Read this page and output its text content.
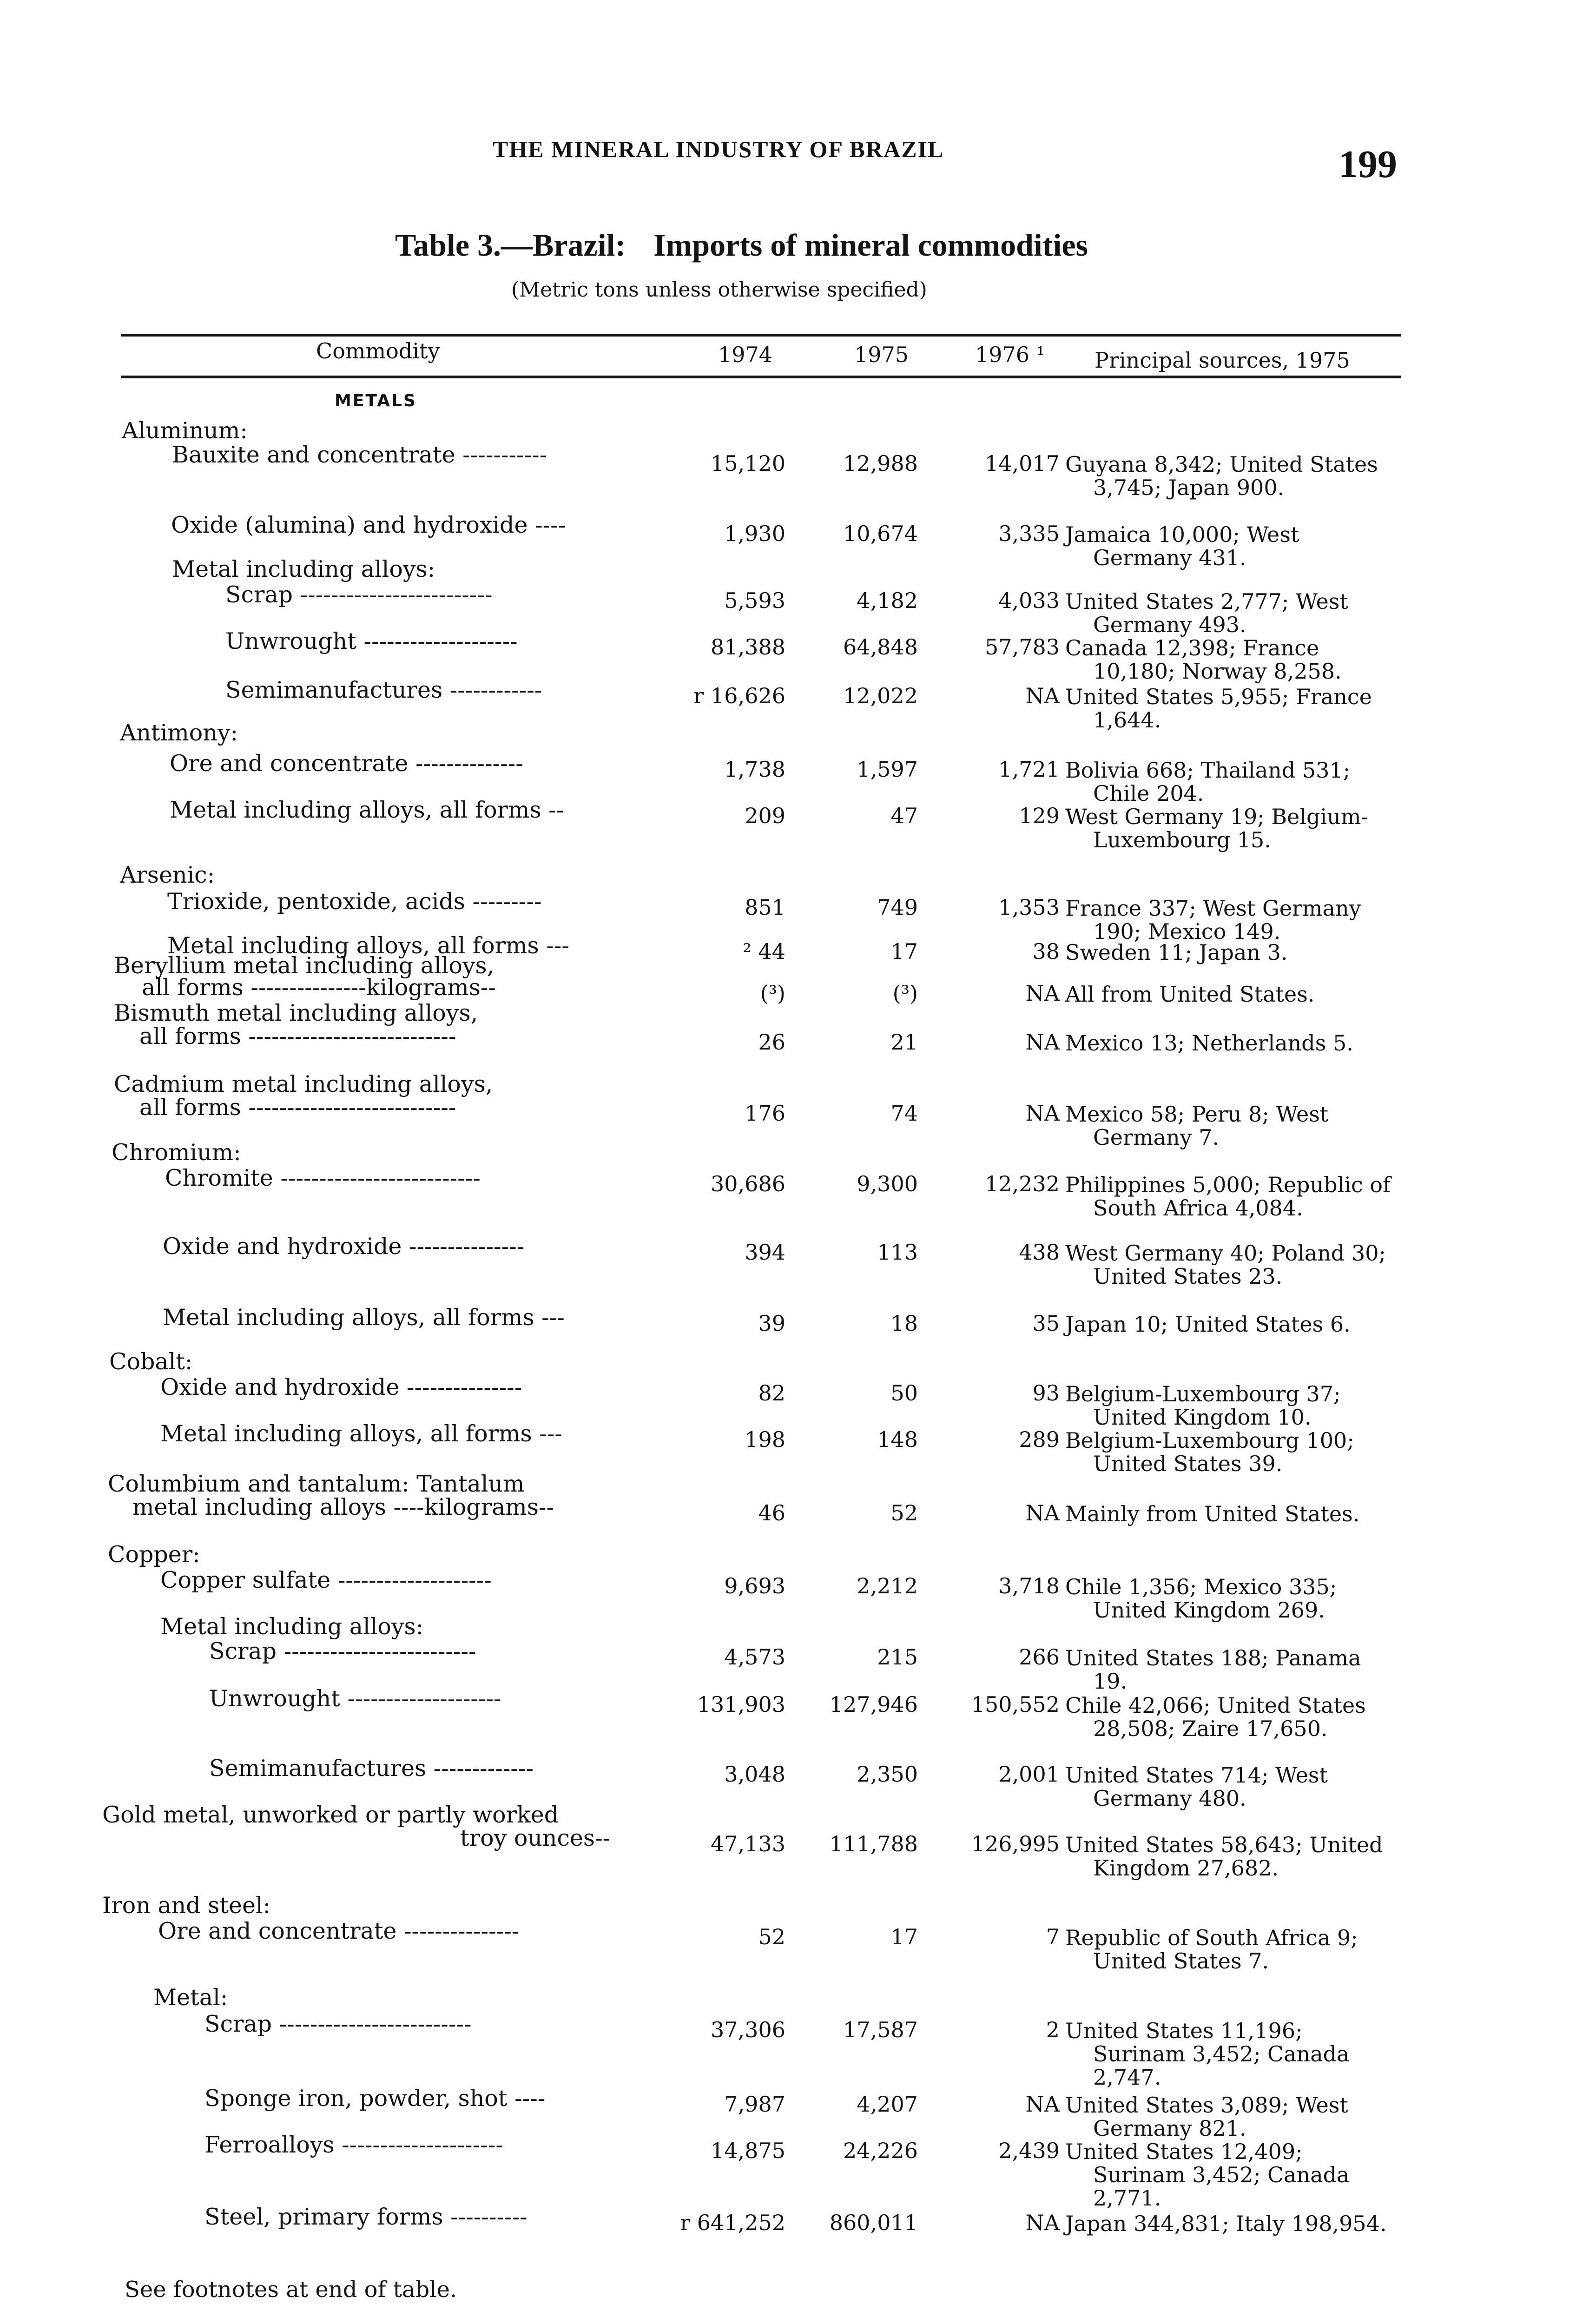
THE MINERAL INDUSTRY OF BRAZIL	199
Table 3.—Brazil: Imports of mineral commodities
(Metric tons unless otherwise specified)
Commodity	1974	1975	1976 ¹ Principal sources, 1975
METALS
Aluminum:
Bauxite and concentrate -----------	15,120	12,988	14,017 Guyana 8,342; United States 3,745; Japan 900.
Oxide (alumina) and hydroxide ----	1,930	10,674	3,335 Jamaica 10,000; West Germany 431.
Metal including alloys:
Scrap -------------------------	5,593	4,182	4,033 United States 2,777; West Germany 493.
Unwrought --------------------	81,388	64,848	57,783 Canada 12,398; France 10,180; Norway 8,258.
Semimanufactures ------------	r 16,626	12,022	NA United States 5,955; France 1,644.
Antimony:
Ore and concentrate --------------	1,738	1,597	1,721 Bolivia 668; Thailand 531; Chile 204.
Metal including alloys, all forms --	209	47	129 West Germany 19; Belgium-Luxembourg 15.
Arsenic:
Trioxide, pentoxide, acids ---------	851	749	1,353 France 337; West Germany 190; Mexico 149.
Metal including alloys, all forms ---	² 44	17	38 Sweden 11; Japan 3.
Beryllium metal including alloys,
all forms ---------------kilograms--	(³)	(³)	NA All from United States.
Bismuth metal including alloys,
all forms ---------------------------	26	21	NA Mexico 13; Netherlands 5.
Cadmium metal including alloys,
all forms ---------------------------	176	74	NA Mexico 58; Peru 8; West Germany 7.
Chromium:
Chromite --------------------------	30,686	9,300	12,232 Philippines 5,000; Republic of South Africa 4,084.
Oxide and hydroxide ---------------	394	113	438 West Germany 40; Poland 30; United States 23.
Metal including alloys, all forms ---	39	18	35 Japan 10; United States 6.
Cobalt:
Oxide and hydroxide ---------------	82	50	93 Belgium-Luxembourg 37; United Kingdom 10.
Metal including alloys, all forms ---	198	148	289 Belgium-Luxembourg 100; United States 39.
Columbium and tantalum: Tantalum
metal including alloys ----kilograms--	46	52	NA Mainly from United States.
Copper:
Copper sulfate --------------------	9,693	2,212	3,718 Chile 1,356; Mexico 335; United Kingdom 269.
Metal including alloys:
Scrap -------------------------	4,573	215	266 United States 188; Panama 19.
Unwrought --------------------	131,903	127,946	150,552 Chile 42,066; United States 28,508; Zaire 17,650.
Semimanufactures -------------	3,048	2,350	2,001 United States 714; West Germany 480.
Gold metal, unworked or partly worked
troy ounces--	47,133	111,788	126,995 United States 58,643; United Kingdom 27,682.
Iron and steel:
Ore and concentrate ---------------	52	17	7 Republic of South Africa 9; United States 7.
Metal:
Scrap -------------------------	37,306	17,587	2 United States 11,196; Surinam 3,452; Canada 2,747.
Sponge iron, powder, shot ----	7,987	4,207	NA United States 3,089; West Germany 821.
Ferroalloys ---------------------	14,875	24,226	2,439 United States 12,409; Surinam 3,452; Canada 2,771.
Steel, primary forms ----------	r 641,252	860,011	NA Japan 344,831; Italy 198,954.
See footnotes at end of table.
